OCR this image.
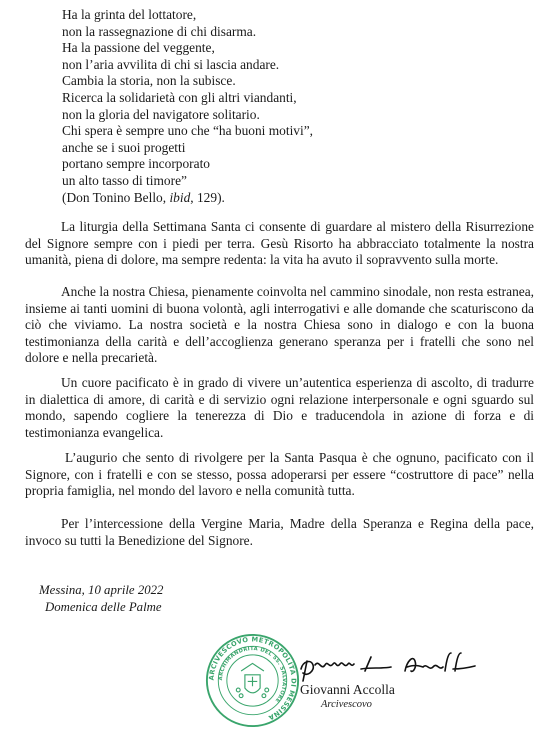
Ha la grinta del lottatore,
non la rassegnazione di chi disarma.
Ha la passione del veggente,
non l’aria avvilita di chi si lascia andare.
Cambia la storia, non la subisce.
Ricerca la solidarietà con gli altri viandanti,
non la gloria del navigatore solitario.
Chi spera è sempre uno che “ha buoni motivi”,
anche se i suoi progetti
portano sempre incorporato
un alto tasso di timore”
(Don Tonino Bello, ibid, 129).

La liturgia della Settimana Santa ci consente di guardare al mistero della Risurrezione del Signore sempre con i piedi per terra. Gesù Risorto ha abbracciato totalmente la nostra umanità, piena di dolore, ma sempre redenta: la vita ha avuto il sopravvento sulla morte.

Anche la nostra Chiesa, pienamente coinvolta nel cammino sinodale, non resta estranea, insieme ai tanti uomini di buona volontà, agli interrogativi e alle domande che scaturiscono da ciò che viviamo. La nostra società e la nostra Chiesa sono in dialogo e con la buona testimonianza della carità e dell’accoglienza generano speranza per i fratelli che sono nel dolore e nella precarietà.

Un cuore pacificato è in grado di vivere un’autentica esperienza di ascolto, di tradurre in dialettica di amore, di carità e di servizio ogni relazione interpersonale e ogni sguardo sul mondo, sapendo cogliere la tenerezza di Dio e traducendola in azione di forza e di testimonianza evangelica.

L’augurio che sento di rivolgere per la Santa Pasqua è che ognuno, pacificato con il Signore, con i fratelli e con se stesso, possa adoperarsi per essere “costruttore di pace” nella propria famiglia, nel mondo del lavoro e nella comunità tutta.

Per l’intercessione della Vergine Maria, Madre della Speranza e Regina della pace, invoco su tutti la Benedizione del Signore.

Messina, 10 aprile 2022
Domenica delle Palme
ARCIVESCOVO METROPOLITA DI MESSINA
ARCHIMANDRITA DEL SS. SALVATORE
Giovanni Accolla
Arcivescovo
